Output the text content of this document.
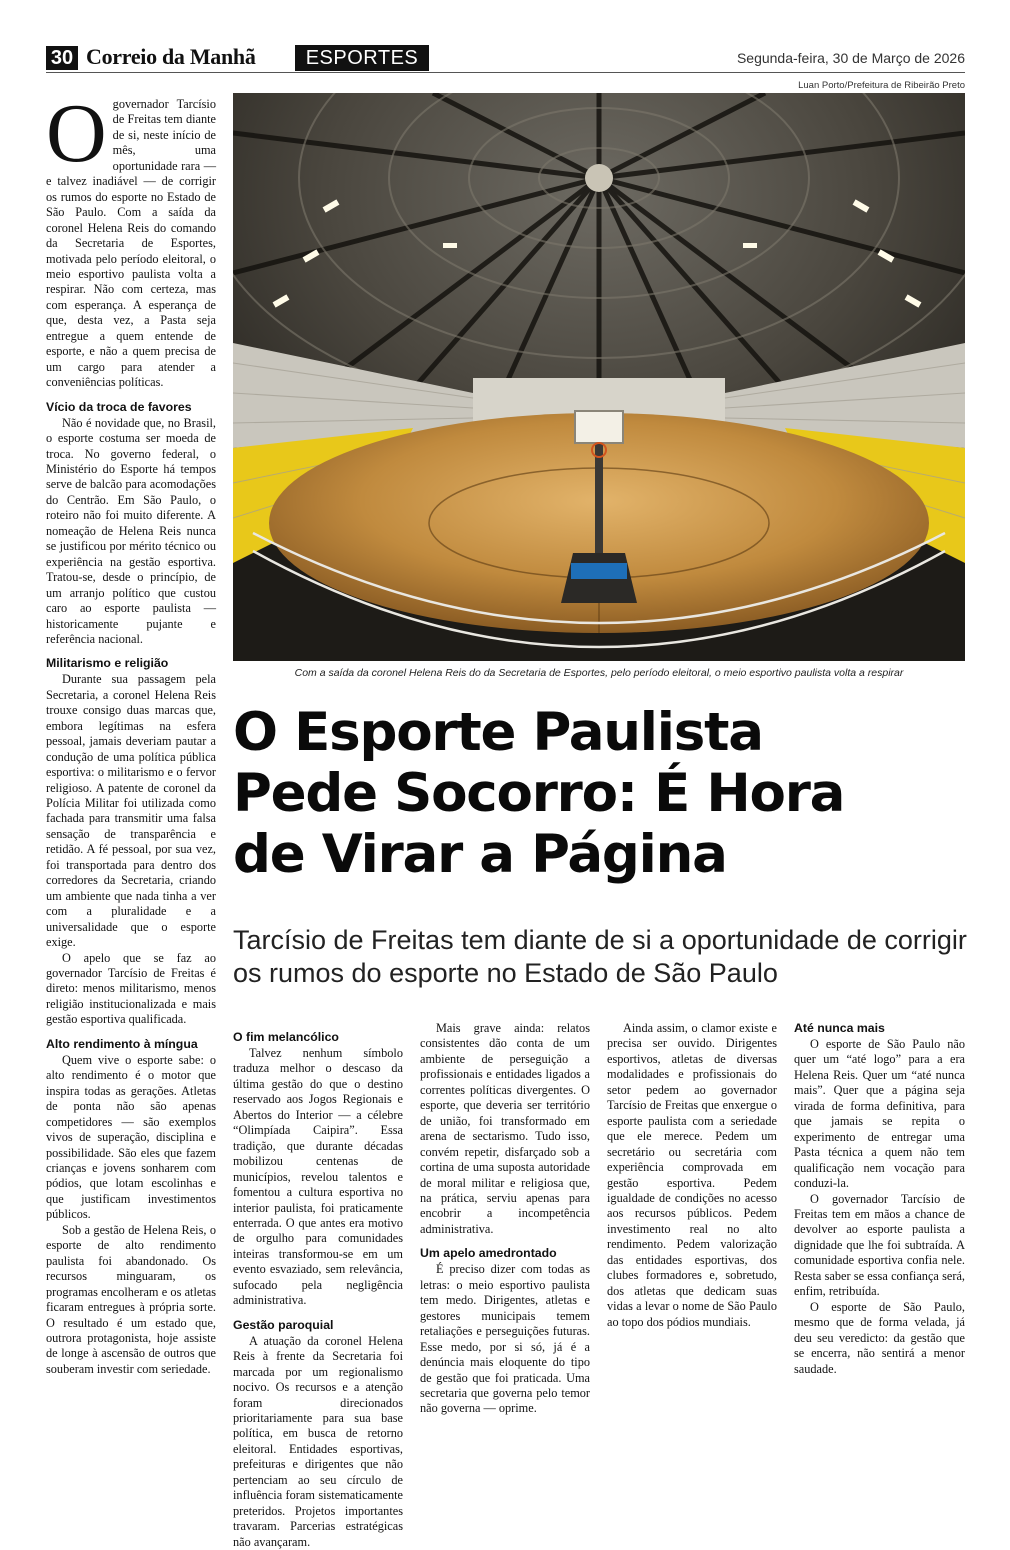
30 Correio da Manhã	ESPORTES	Segunda-feira, 30 de Março de 2026
Luan Porto/Prefeitura de Ribeirão Preto
Com a saída da coronel Helena Reis do da Secretaria de Esportes, pelo período eleitoral, o meio esportivo paulista volta a respirar
O Esporte Paulista
Pede Socorro: É Hora
de Virar a Página
Tarcísio de Freitas tem diante de si a oportunidade de corrigir os rumos do esporte no Estado de São Paulo

Ogovernador Tarcísio de Freitas tem diante de si, neste início de mês, uma oportunidade rara — e talvez inadiável — de corrigir os rumos do esporte no Estado de São Paulo. Com a saída da coronel Helena Reis do comando da Secretaria de Esportes, motivada pelo período eleitoral, o meio esportivo paulista volta a respirar. Não com certeza, mas com esperança. A esperança de que, desta vez, a Pasta seja entregue a quem entende de esporte, e não a quem precisa de um cargo para atender a conveniências políticas.

Vício da troca de favores

Não é novidade que, no Brasil, o esporte costuma ser moeda de troca. No governo federal, o Ministério do Esporte há tempos serve de balcão para acomodações do Centrão. Em São Paulo, o roteiro não foi muito diferente. A nomeação de Helena Reis nunca se justificou por mérito técnico ou experiência na gestão esportiva. Tratou-se, desde o princípio, de um arranjo político que custou caro ao esporte paulista — historicamente pujante e referência nacional.

Militarismo e religião

Durante sua passagem pela Secretaria, a coronel Helena Reis trouxe consigo duas marcas que, embora legítimas na esfera pessoal, jamais deveriam pautar a condução de uma política pública esportiva: o militarismo e o fervor religioso. A patente de coronel da Polícia Militar foi utilizada como fachada para transmitir uma falsa sensação de transparência e retidão. A fé pessoal, por sua vez, foi transportada para dentro dos corredores da Secretaria, criando um ambiente que nada tinha a ver com a pluralidade e a universalidade que o esporte exige.

O apelo que se faz ao governador Tarcísio de Freitas é direto: menos militarismo, menos religião institucionalizada e mais gestão esportiva qualificada.

Alto rendimento à míngua

Quem vive o esporte sabe: o alto rendimento é o motor que inspira todas as gerações. Atletas de ponta não são apenas competidores — são exemplos vivos de superação, disciplina e possibilidade. São eles que fazem crianças e jovens sonharem com pódios, que lotam escolinhas e que justificam investimentos públicos.

Sob a gestão de Helena Reis, o esporte de alto rendimento paulista foi abandonado. Os recursos minguaram, os programas encolheram e os atletas ficaram entregues à própria sorte. O resultado é um estado que, outrora protagonista, hoje assiste de longe à ascensão de outros que souberam investir com seriedade.

O fim melancólico

Talvez nenhum símbolo traduza melhor o descaso da última gestão do que o destino reservado aos Jogos Regionais e Abertos do Interior — a célebre “Olimpíada Caipira”. Essa tradição, que durante décadas mobilizou centenas de municípios, revelou talentos e fomentou a cultura esportiva no interior paulista, foi praticamente enterrada. O que antes era motivo de orgulho para comunidades inteiras transformou-se em um evento esvaziado, sem relevância, sufocado pela negligência administrativa.

Gestão paroquial

A atuação da coronel Helena Reis à frente da Secretaria foi marcada por um regionalismo nocivo. Os recursos e a atenção foram direcionados prioritariamente para sua base política, em busca de retorno eleitoral. Entidades esportivas, prefeituras e dirigentes que não pertenciam ao seu círculo de influência foram sistematicamente preteridos. Projetos importantes travaram. Parcerias estratégicas não avançaram.

Mais grave ainda: relatos consistentes dão conta de um ambiente de perseguição a profissionais e entidades ligados a correntes políticas divergentes. O esporte, que deveria ser território de união, foi transformado em arena de sectarismo. Tudo isso, convém repetir, disfarçado sob a cortina de uma suposta autoridade de moral militar e religiosa que, na prática, serviu apenas para encobrir a incompetência administrativa.

Um apelo amedrontado

É preciso dizer com todas as letras: o meio esportivo paulista tem medo. Dirigentes, atletas e gestores municipais temem retaliações e perseguições futuras. Esse medo, por si só, já é a denúncia mais eloquente do tipo de gestão que foi praticada. Uma secretaria que governa pelo temor não governa — oprime.

Ainda assim, o clamor existe e precisa ser ouvido. Dirigentes esportivos, atletas de diversas modalidades e profissionais do setor pedem ao governador Tarcísio de Freitas que enxergue o esporte paulista com a seriedade que ele merece. Pedem um secretário ou secretária com experiência comprovada em gestão esportiva. Pedem igualdade de condições no acesso aos recursos públicos. Pedem investimento real no alto rendimento. Pedem valorização das entidades esportivas, dos clubes formadores e, sobretudo, dos atletas que dedicam suas vidas a levar o nome de São Paulo ao topo dos pódios mundiais.

Até nunca mais

O esporte de São Paulo não quer um “até logo” para a era Helena Reis. Quer um “até nunca mais”. Quer que a página seja virada de forma definitiva, para que jamais se repita o experimento de entregar uma Pasta técnica a quem não tem qualificação nem vocação para conduzi-la.

O governador Tarcísio de Freitas tem em mãos a chance de devolver ao esporte paulista a dignidade que lhe foi subtraída. A comunidade esportiva confia nele. Resta saber se essa confiança será, enfim, retribuída.

O esporte de São Paulo, mesmo que de forma velada, já deu seu veredicto: da gestão que se encerra, não sentirá a menor saudade.
